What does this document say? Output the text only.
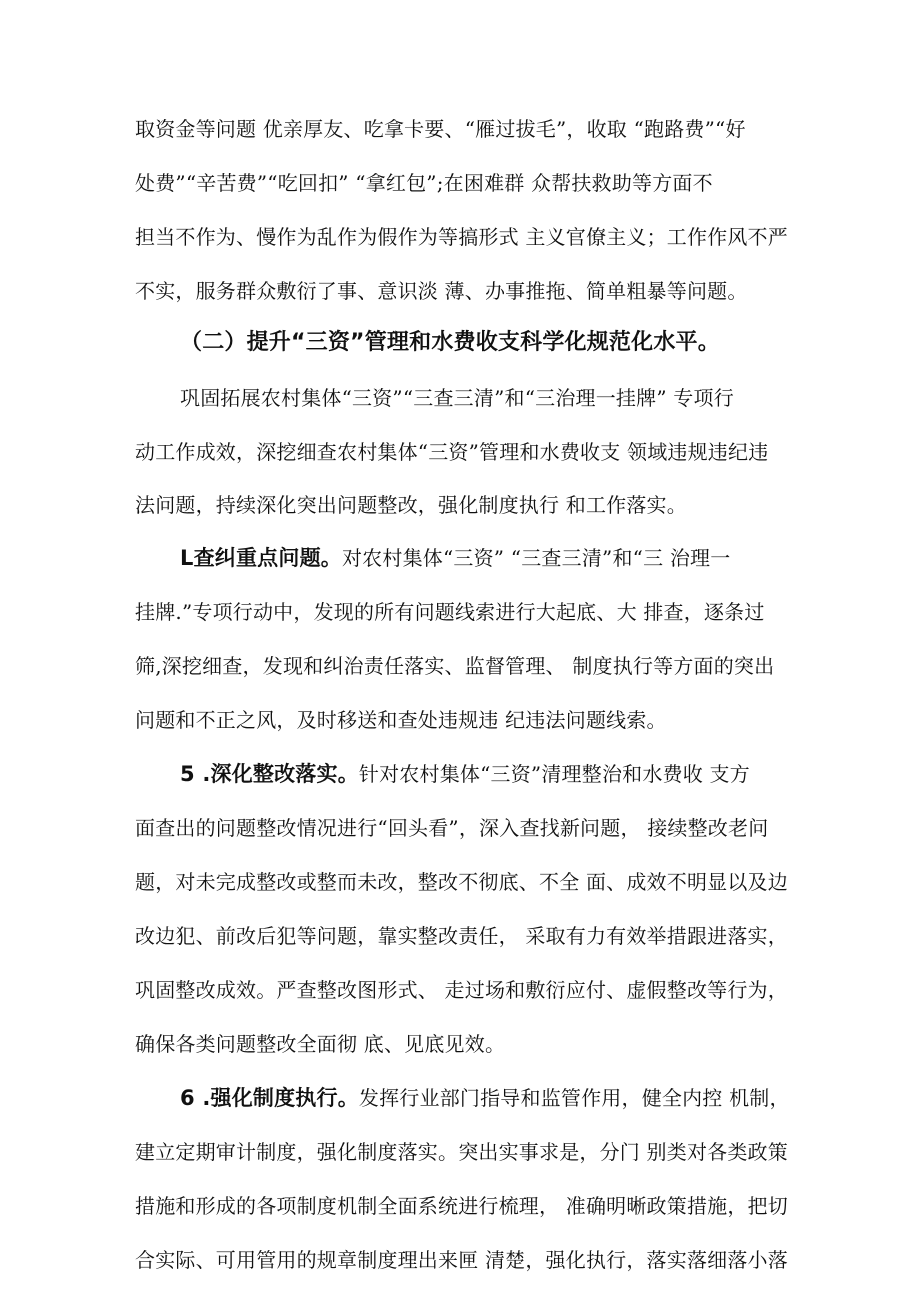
取资金等问题 优亲厚友、吃拿卡要、“雁过拔毛”，收取 “跑路费”“好
处费”“辛苦费”“吃回扣” “拿红包”;在困难群 众帮扶救助等方面不
担当不作为、慢作为乱作为假作为等搞形式 主义官僚主义；工作作风不严
不实，服务群众敷衍了事、意识淡 薄、办事推拖、简单粗暴等问题。
（二）提升“三资”管理和水费收支科学化规范化水平。
巩固拓展农村集体“三资”“三查三清”和“三治理一挂牌” 专项行
动工作成效，深挖细查农村集体“三资”管理和水费收支 领域违规违纪违
法问题，持续深化突出问题整改，强化制度执行 和工作落实。
L查纠重点问题。对农村集体“三资” “三查三清”和“三 治理一
挂牌.”专项行动中，发现的所有问题线索进行大起底、大 排查，逐条过
筛,深挖细查，发现和纠治责任落实、监督管理、 制度执行等方面的突出
问题和不正之风，及时移送和查处违规违 纪违法问题线索。
5 .深化整改落实。针对农村集体“三资”清理整治和水费收 支方
面查出的问题整改情况进行“回头看”，深入查找新问题， 接续整改老问
题，对未完成整改或整而未改，整改不彻底、不全 面、成效不明显以及边
改边犯、前改后犯等问题，靠实整改责任， 采取有力有效举措跟进落实，
巩固整改成效。严查整改图形式、 走过场和敷衍应付、虚假整改等行为，
确保各类问题整改全面彻 底、见底见效。
6 .强化制度执行。发挥行业部门指导和监管作用，健全内控 机制，
建立定期审计制度，强化制度落实。突出实事求是，分门 别类对各类政策
措施和形成的各项制度机制全面系统进行梳理， 准确明晰政策措施，把切
合实际、可用管用的规章制度理出来匣 清楚，强化执行，落实落细落小落
